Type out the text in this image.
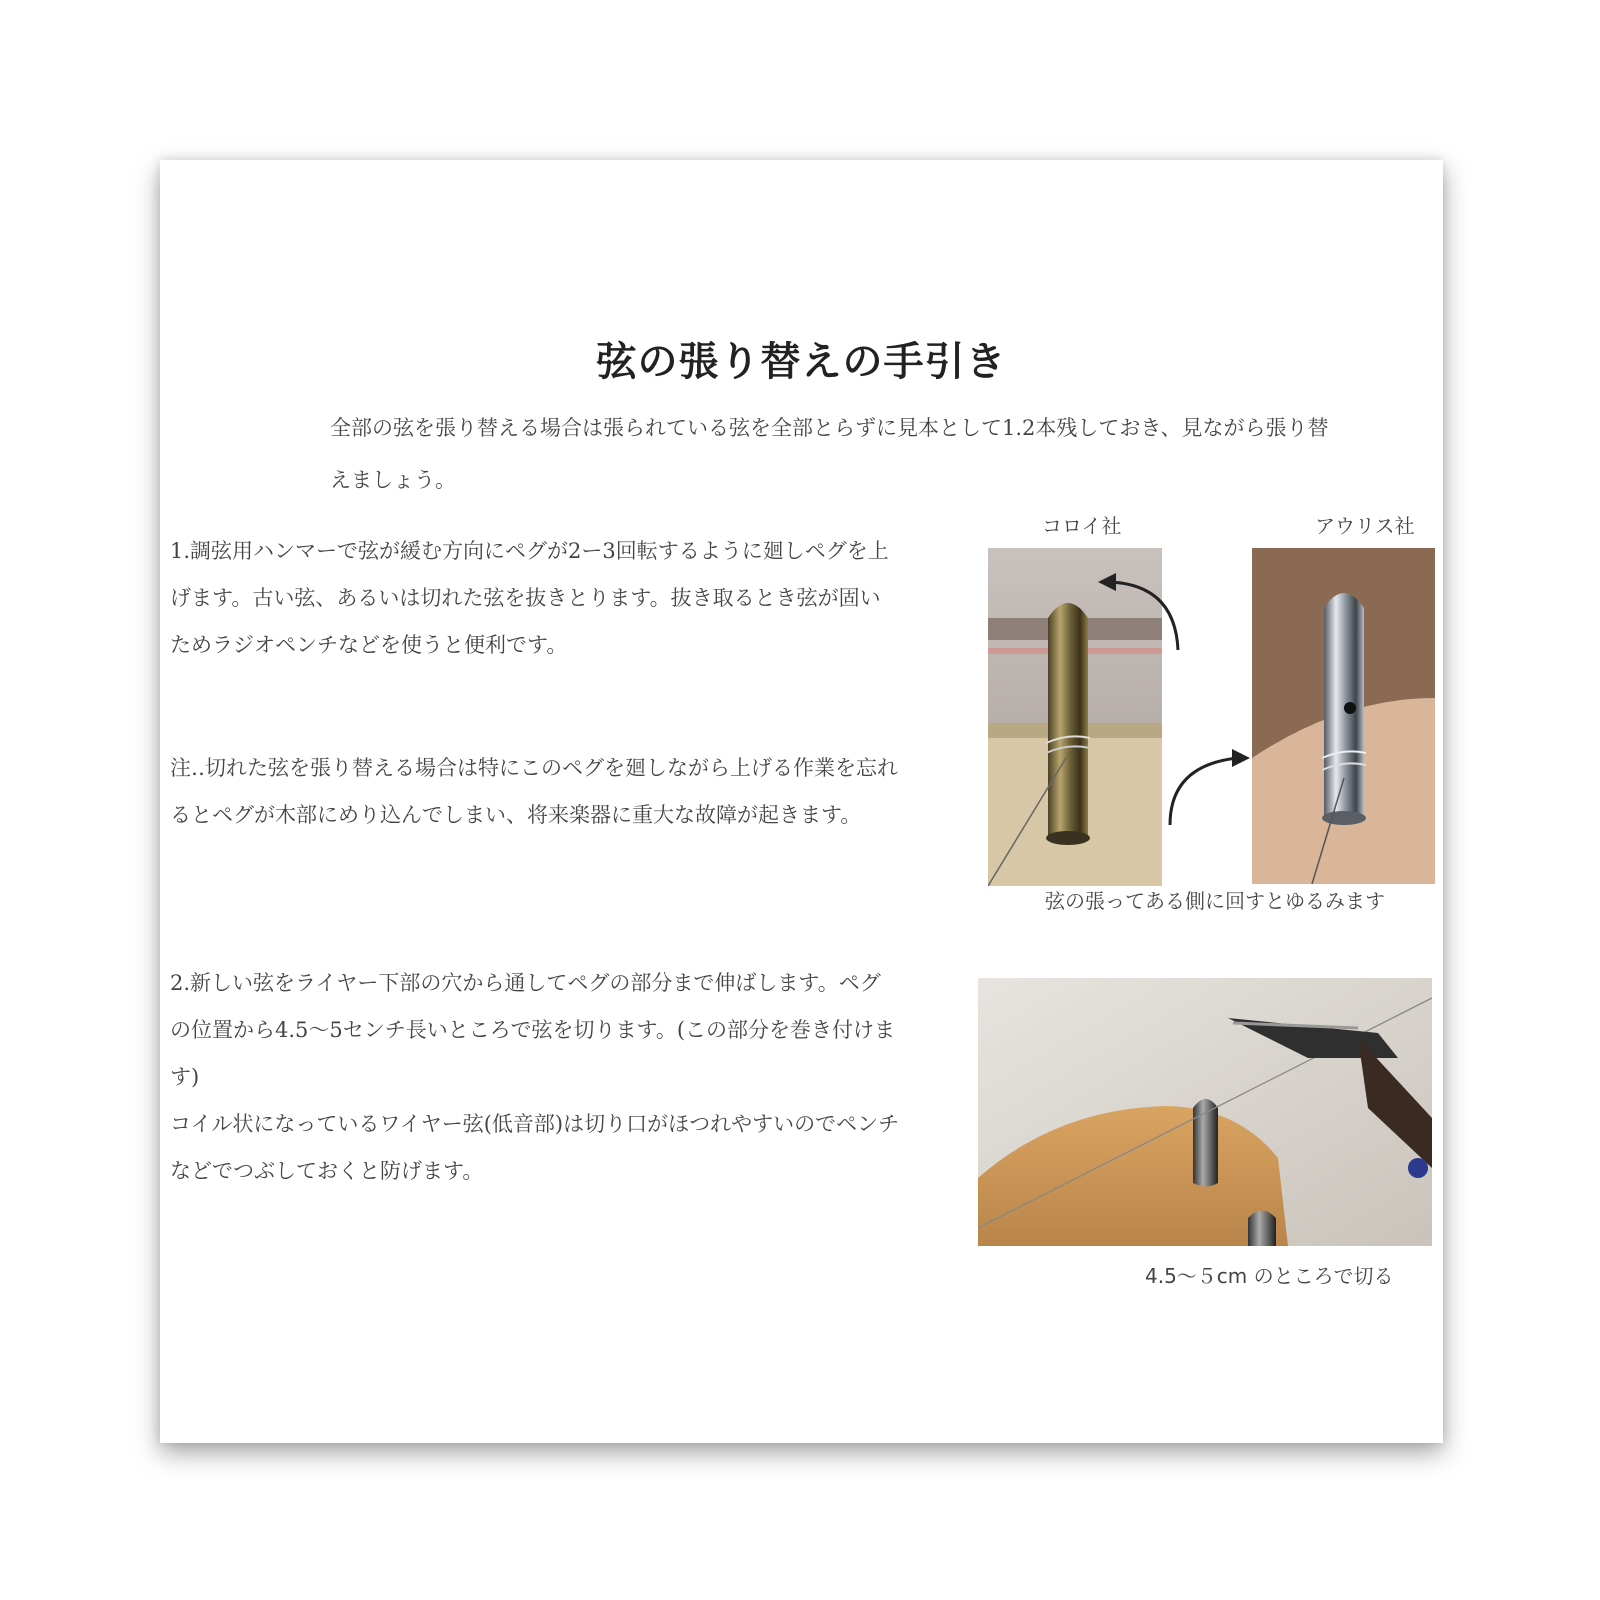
弦の張り替えの手引き
全部の弦を張り替える場合は張られている弦を全部とらずに見本として1.2本残しておき、見ながら張り替えましょう。
1.調弦用ハンマーで弦が緩む方向にペグが2ー3回転するように廻しペグを上げます。古い弦、あるいは切れた弦を抜きとります。抜き取るとき弦が固いためラジオペンチなどを使うと便利です。
注‥切れた弦を張り替える場合は特にこのペグを廻しながら上げる作業を忘れるとペグが木部にめり込んでしまい、将来楽器に重大な故障が起きます。
2.新しい弦をライヤー下部の穴から通してペグの部分まで伸ばします。ペグの位置から4.5〜5センチ長いところで弦を切ります。(この部分を巻き付けます)
コイル状になっているワイヤー弦(低音部)は切り口がほつれやすいのでペンチなどでつぶしておくと防げます。
コロイ社	アウリス社
弦の張ってある側に回すとゆるみます
4.5～５cm のところで切る
